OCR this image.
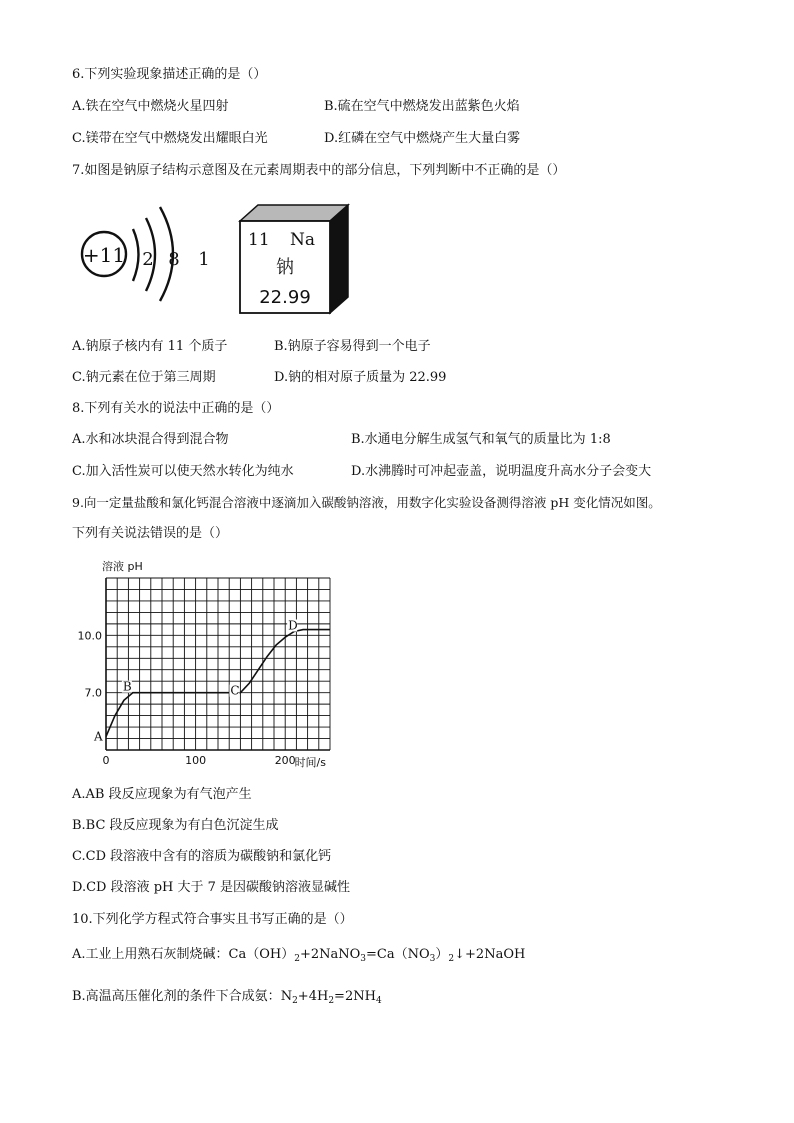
6.下列实验现象描述正确的是（）
A.铁在空气中燃烧火星四射	B.硫在空气中燃烧发出蓝紫色火焰
C.镁带在空气中燃烧发出耀眼白光	D.红磷在空气中燃烧产生大量白雾
7.如图是钠原子结构示意图及在元素周期表中的部分信息，下列判断中不正确的是（）
+11 2 8 1
11 Na
钠
22.99
A.钠原子核内有 11 个质子	B.钠原子容易得到一个电子
C.钠元素在位于第三周期	D.钠的相对原子质量为 22.99
8.下列有关水的说法中正确的是（）
A.水和冰块混合得到混合物	B.水通电分解生成氢气和氧气的质量比为 1:8
C.加入活性炭可以使天然水转化为纯水	D.水沸腾时可冲起壶盖，说明温度升高水分子会变大
9.向一定量盐酸和氯化钙混合溶液中逐滴加入碳酸钠溶液，用数字化实验设备测得溶液 pH 变化情况如图。
下列有关说法错误的是（）
溶液 pH
7.0
10.0
0	100	200
时间/s
A
B	C
D
A.AB 段反应现象为有气泡产生
B.BC 段反应现象为有白色沉淀生成
C.CD 段溶液中含有的溶质为碳酸钠和氯化钙
D.CD 段溶液 pH 大于 7 是因碳酸钠溶液显碱性
10.下列化学方程式符合事实且书写正确的是（）
A.工业上用熟石灰制烧碱：$Ca(OH)_2+2NaNO_3=Ca(NO_3)_2↓+2NaOH$
B.高温高压催化剂的条件下合成氨：$N_2+4H_2=2NH_4$
